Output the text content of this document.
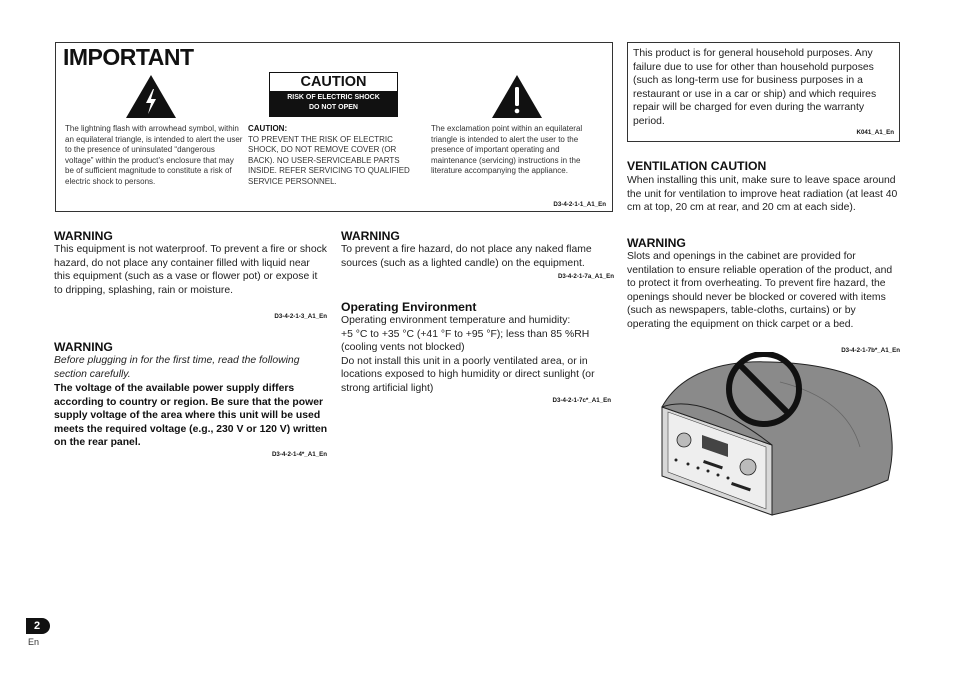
IMPORTANT
CAUTION
RISK OF ELECTRIC SHOCK
DO NOT OPEN
The lightning flash with arrowhead symbol, within an equilateral triangle, is intended to alert the user to the presence of uninsulated “dangerous voltage” within the product’s enclosure that may be of sufficient magnitude to constitute a risk of electric shock to persons.
CAUTION:
TO PREVENT THE RISK OF ELECTRIC SHOCK, DO NOT REMOVE COVER (OR BACK). NO USER-SERVICEABLE PARTS INSIDE. REFER SERVICING TO QUALIFIED SERVICE PERSONNEL.
The exclamation point within an equilateral triangle is intended to alert the user to the presence of important operating and maintenance (servicing) instructions in the literature accompanying the appliance.
D3-4-2-1-1_A1_En
WARNING
This equipment is not waterproof. To prevent a fire or shock hazard, do not place any container filled with liquid near this equipment (such as a vase or flower pot) or expose it to dripping, splashing, rain or moisture.
D3-4-2-1-3_A1_En
WARNING
Before plugging in for the first time, read the following section carefully.
The voltage of the available power supply differs according to country or region. Be sure that the power supply voltage of the area where this unit will be used meets the required voltage (e.g., 230 V or 120 V) written on the rear panel.
D3-4-2-1-4*_A1_En
WARNING
To prevent a fire hazard, do not place any naked flame sources (such as a lighted candle) on the equipment.
D3-4-2-1-7a_A1_En
Operating Environment
Operating environment temperature and humidity:
+5 °C to +35 °C (+41 °F to +95 °F); less than 85 %RH (cooling vents not blocked)
Do not install this unit in a poorly ventilated area, or in locations exposed to high humidity or direct sunlight (or strong artificial light)
D3-4-2-1-7c*_A1_En
This product is for general household purposes. Any failure due to use for other than household purposes (such as long-term use for business purposes in a restaurant or use in a car or ship) and which requires repair will be charged for even during the warranty period.
K041_A1_En
VENTILATION CAUTION
When installing this unit, make sure to leave space around the unit for ventilation to improve heat radiation (at least 40 cm at top, 20 cm at rear, and 20 cm at each side).
WARNING
Slots and openings in the cabinet are provided for ventilation to ensure reliable operation of the product, and to protect it from overheating. To prevent fire hazard, the openings should never be blocked or covered with items (such as newspapers, table-cloths, curtains) or by operating the equipment on thick carpet or a bed.
D3-4-2-1-7b*_A1_En
2
En
